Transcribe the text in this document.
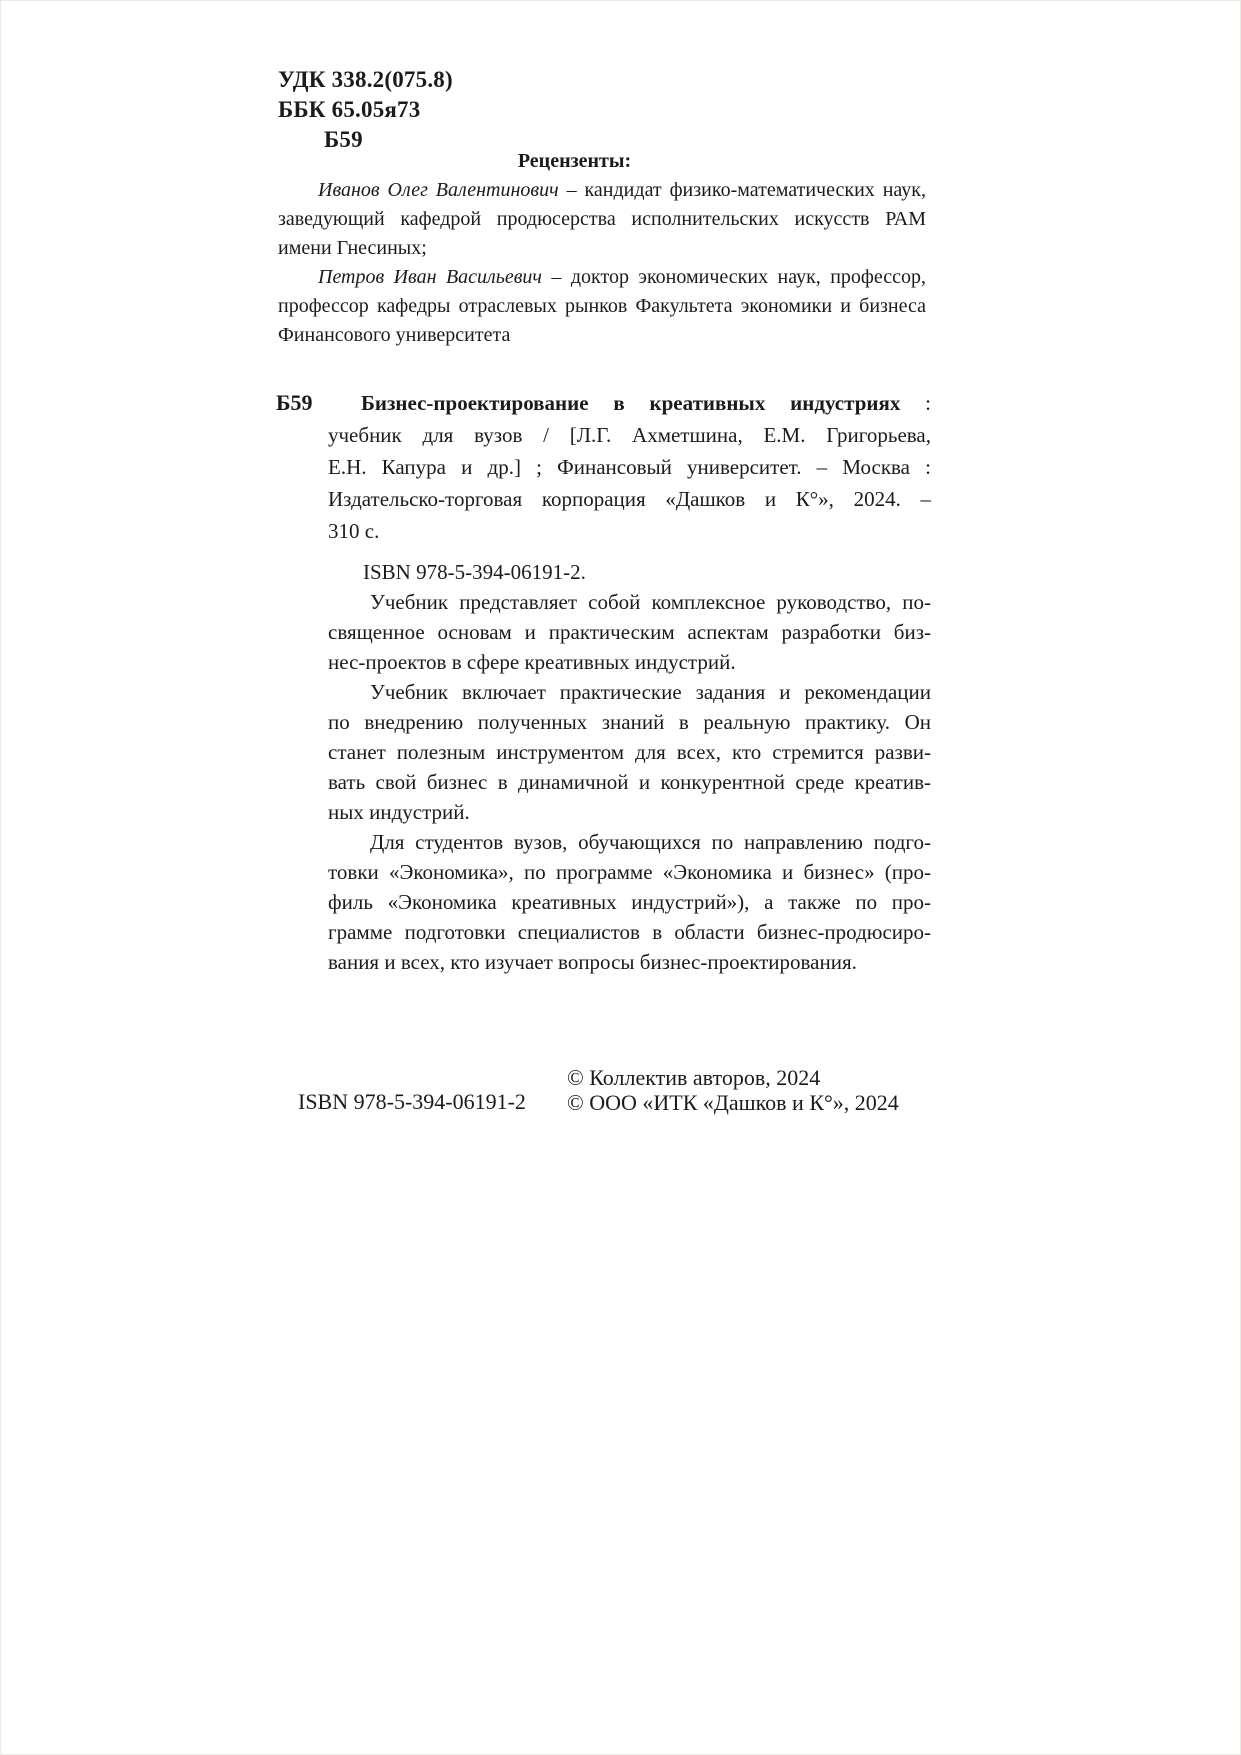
УДК 338.2(075.8)
ББК 65.05я73
Б59
Рецензенты:
Иванов Олег Валентинович – кандидат физико-математических наук,
заведующий кафедрой продюсерства исполнительских искусств РАМ
имени Гнесиных;
Петров Иван Васильевич – доктор экономических наук, профессор,
профессор кафедры отраслевых рынков Факультета экономики и бизнеса
Финансового университета
Б59	Бизнес-проектирование в креативных индустриях :
учебник для вузов / [Л.Г. Ахметшина, Е.М. Григорьева,
Е.Н. Капура и др.] ; Финансовый университет. – Москва :
Издательско-торговая корпорация «Дашков и К°», 2024. –
310 с.
ISBN 978-5-394-06191-2.
Учебник представляет собой комплексное руководство, по-
священное основам и практическим аспектам разработки биз-
нес-проектов в сфере креативных индустрий.
Учебник включает практические задания и рекомендации
по внедрению полученных знаний в реальную практику. Он
станет полезным инструментом для всех, кто стремится разви-
вать свой бизнес в динамичной и конкурентной среде креатив-
ных индустрий.
Для студентов вузов, обучающихся по направлению подго-
товки «Экономика», по программе «Экономика и бизнес» (про-
филь «Экономика креативных индустрий»), а также по про-
грамме подготовки специалистов в области бизнес-продюсиро-
вания и всех, кто изучает вопросы бизнес-проектирования.
ISBN 978-5-394-06191-2
© Коллектив авторов, 2024
© ООО «ИТК «Дашков и К°», 2024
